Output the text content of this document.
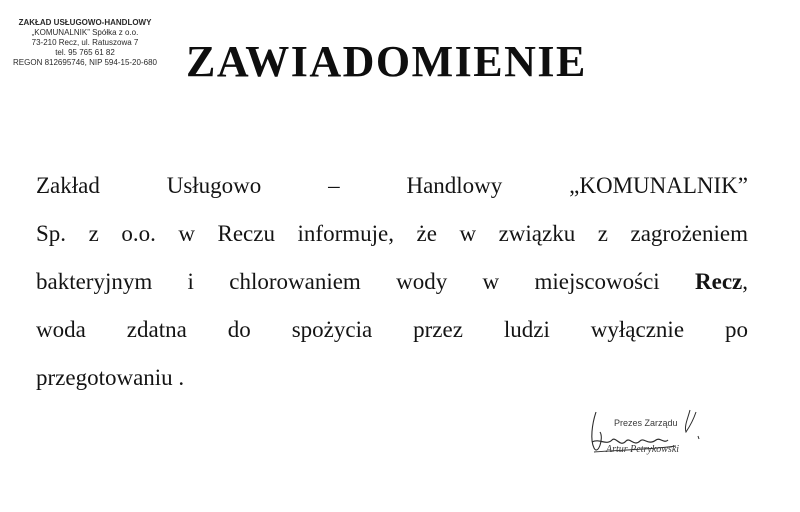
ZAKŁAD USŁUGOWO-HANDLOWY
„KOMUNALNIK” Spółka z o.o.
73-210 Recz, ul. Ratuszowa 7
tel. 95 765 61 82
REGON 812695746, NIP 594-15-20-680 ZAWIADOMIENIE
Zakład Usługowo – Handlowy „KOMUNALNIK”
Sp. z o.o. w Reczu informuje, że w związku z zagrożeniem
bakteryjnym i chlorowaniem wody w miejscowości Recz,
woda zdatna do spożycia przez ludzi wyłącznie po
przegotowaniu .
Prezes Zarządu
Artur Petrykowski
